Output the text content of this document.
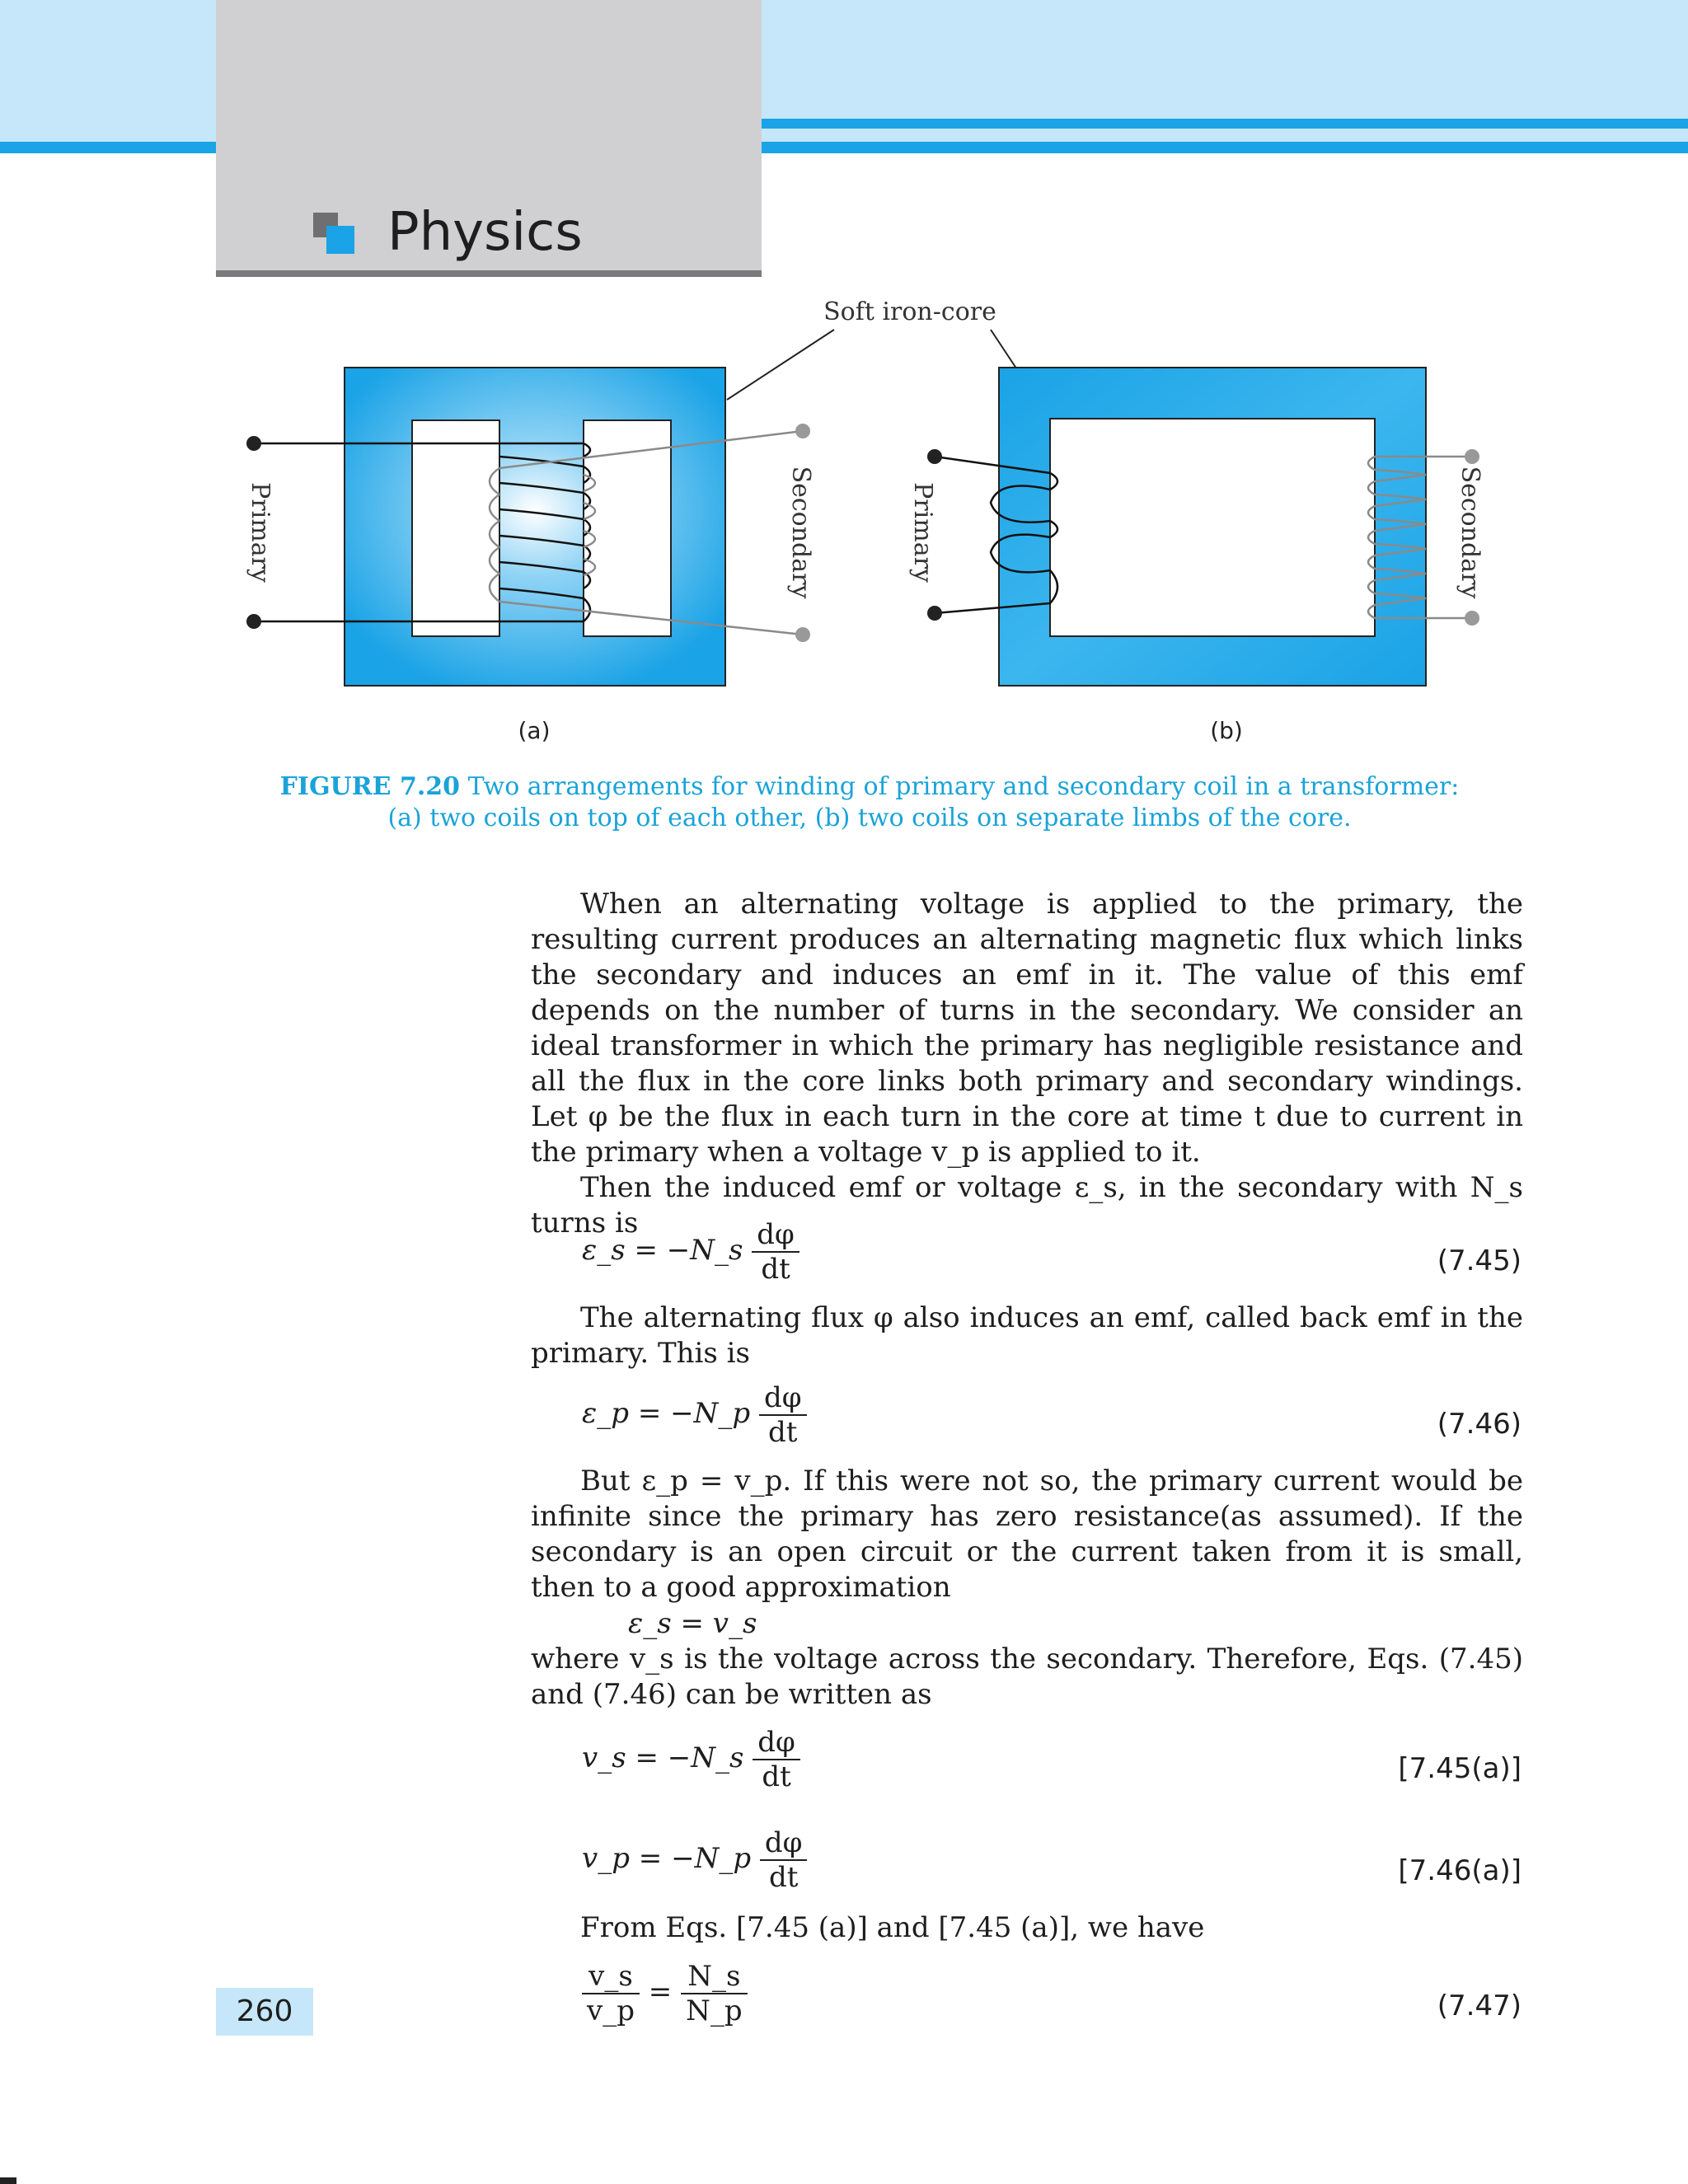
Physics
Soft iron-core
Primary	Secondary
(a)
Primary	Secondary
(b)
FIGURE 7.20 Two arrangements for winding of primary and secondary coil in a transformer:
(a) two coils on top of each other, (b) two coils on separate limbs of the core.
When an alternating voltage is applied to the primary, the resulting current produces an alternating magnetic flux which links the secondary and induces an emf in it. The value of this emf depends on the number of turns in the secondary. We consider an ideal transformer in which the primary has negligible resistance and all the flux in the core links both primary and secondary windings. Let φ be the flux in each turn in the core at time t due to current in the primary when a voltage v_p is applied to it.
Then the induced emf or voltage ε_s, in the secondary with N_s turns is
ε_s = −N_s $\frac{d\varphi}{dt}$	(7.45)
The alternating flux φ also induces an emf, called back emf in the primary. This is
ε_p = −N_p $\frac{d\varphi}{dt}$	(7.46)
But ε_p = v_p. If this were not so, the primary current would be infinite since the primary has zero resistance(as assumed). If the secondary is an open circuit or the current taken from it is small, then to a good approximation
ε_s = v_s
where v_s is the voltage across the secondary. Therefore, Eqs. (7.45) and (7.46) can be written as
v_s = −N_s $\frac{d\varphi}{dt}$	[7.45(a)]
v_p = −N_p $\frac{d\varphi}{dt}$	[7.46(a)]
From Eqs. [7.45 (a)] and [7.45 (a)], we have
$\frac{v\_s}{v\_p} = \frac{N\_s}{N\_p}$	(7.47)
260
